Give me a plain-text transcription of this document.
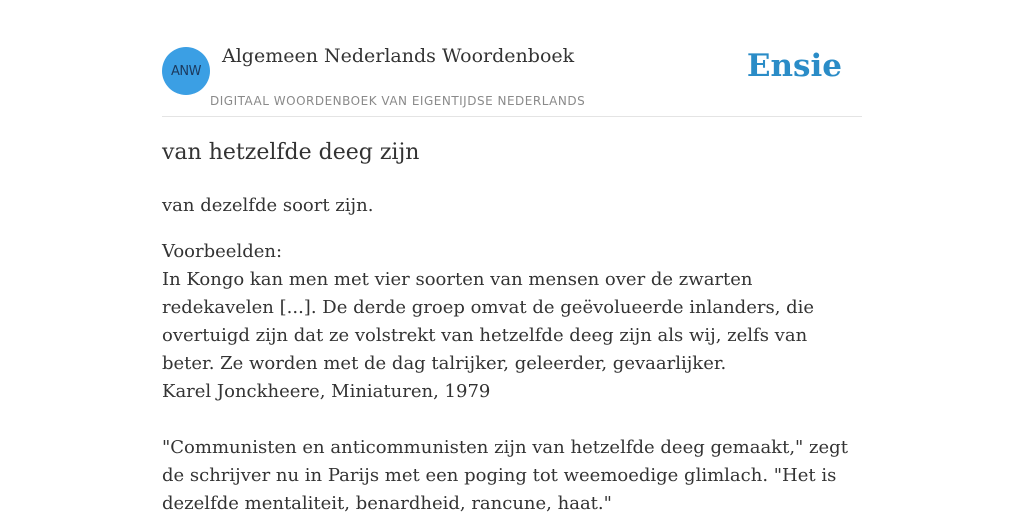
ANW
Algemeen Nederlands Woordenboek
DIGITAAL WOORDENBOEK VAN EIGENTIJDSE NEDERLANDS
Ensie
van hetzelfde deeg zijn

van dezelfde soort zijn.

Voorbeelden:

In Kongo kan men met vier soorten van mensen over de zwarten redekavelen [...]. De derde groep omvat de geëvolueerde inlanders, die overtuigd zijn dat ze volstrekt van hetzelfde deeg zijn als wij, zelfs van beter. Ze worden met de dag talrijker, geleerder, gevaarlijker.

Karel Jonckheere, Miniaturen, 1979

"Communisten en anticommunisten zijn van hetzelfde deeg gemaakt," zegt de schrijver nu in Parijs met een poging tot weemoedige glimlach. "Het is dezelfde mentaliteit, benardheid, rancune, haat."
